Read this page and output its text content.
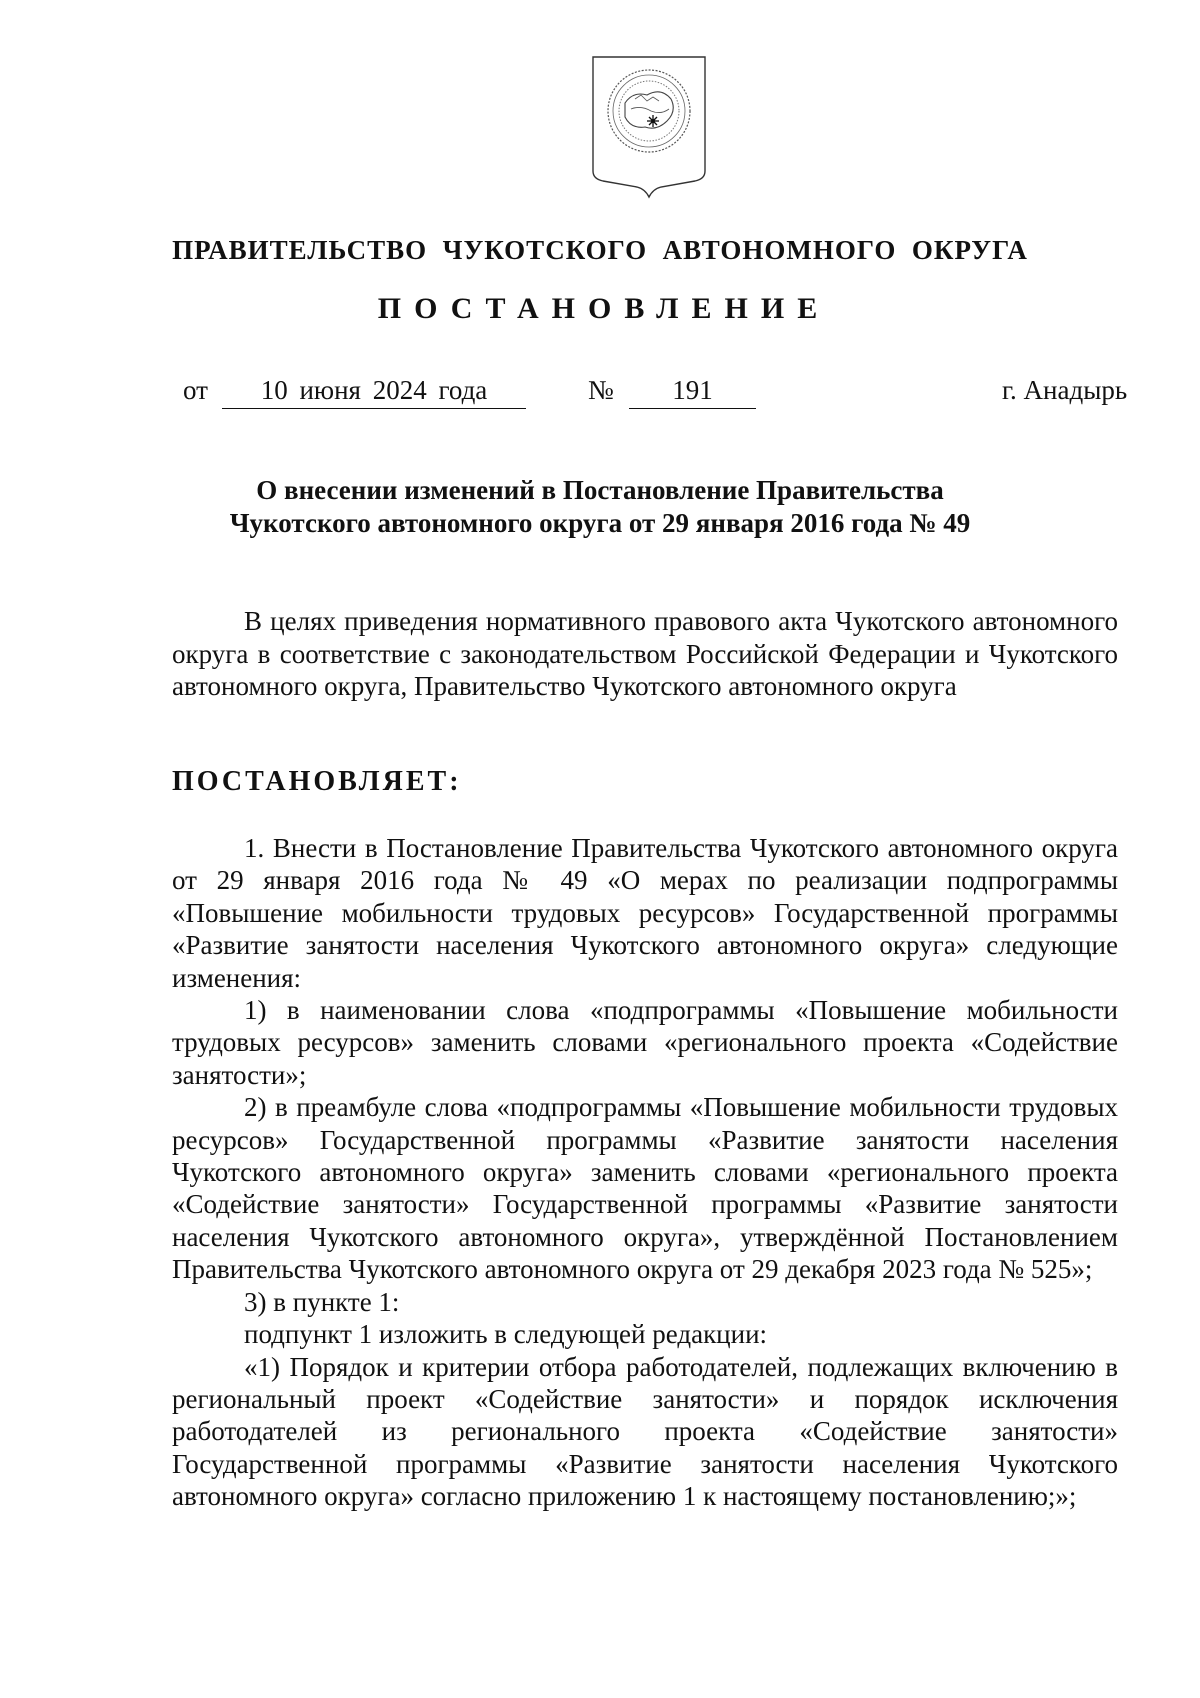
ПРАВИТЕЛЬСТВО  ЧУКОТСКОГО  АВТОНОМНОГО  ОКРУГА
ПОСТАНОВЛЕНИЕ
от	10 июня 2024 года	№	191	г. Анадырь
О внесении изменений в Постановление Правительства
Чукотского автономного округа от 29 января 2016 года № 49

В целях приведения нормативного правового акта Чукотского автономного округа в соответствие с законодательством Российской Федерации и Чукотского автономного округа, Правительство Чукотского автономного округа

ПОСТАНОВЛЯЕТ:

1. Внести в Постановление Правительства Чукотского автономного округа от 29 января 2016 года № 49 «О мерах по реализации подпрограммы «Повышение мобильности трудовых ресурсов» Государственной программы «Развитие занятости населения Чукотского автономного округа» следующие изменения:

1) в наименовании слова «подпрограммы «Повышение мобильности трудовых ресурсов» заменить словами «регионального проекта «Содействие занятости»;

2) в преамбуле слова «подпрограммы «Повышение мобильности трудовых ресурсов» Государственной программы «Развитие занятости населения Чукотского автономного округа» заменить словами «регионального проекта «Содействие занятости» Государственной программы «Развитие занятости населения Чукотского автономного округа», утверждённой Постановлением Правительства Чукотского автономного округа от 29 декабря 2023 года № 525»;

3) в пункте 1:

подпункт 1 изложить в следующей редакции:

«1) Порядок и критерии отбора работодателей, подлежащих включению в региональный проект «Содействие занятости» и порядок исключения работодателей из регионального проекта «Содействие занятости» Государственной программы «Развитие занятости населения Чукотского автономного округа» согласно приложению 1 к настоящему постановлению;»;
